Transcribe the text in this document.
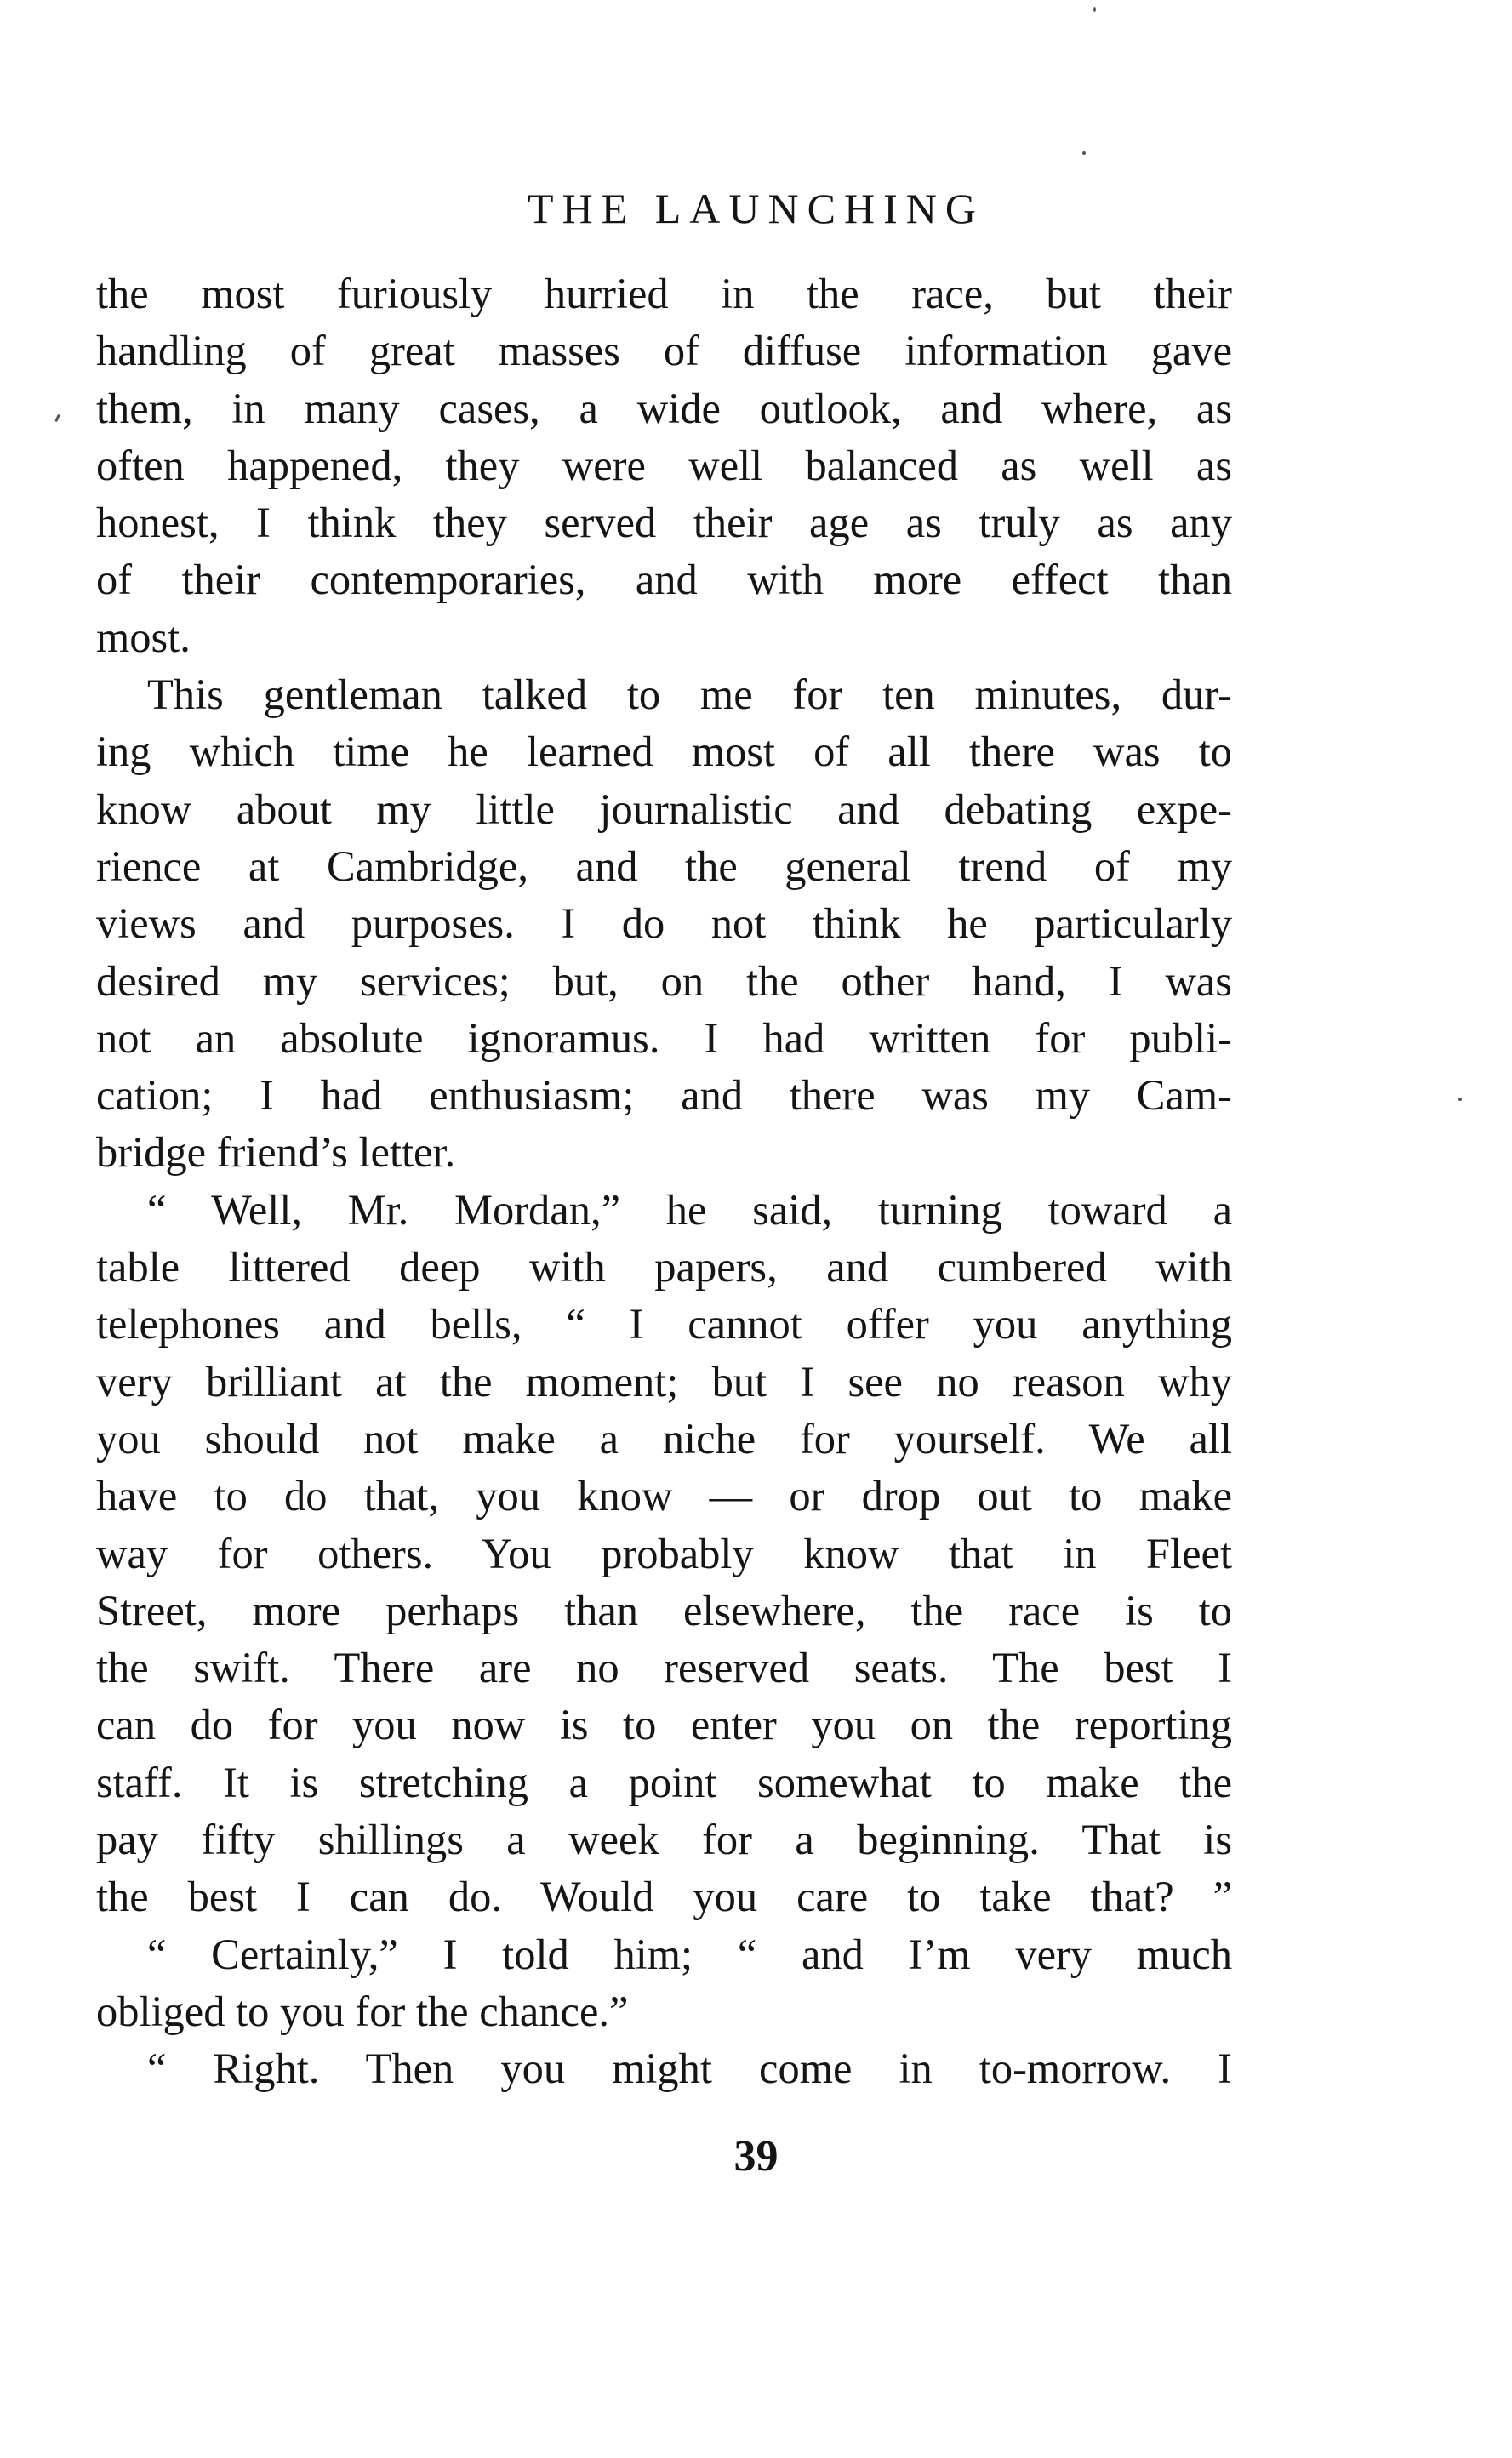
THE LAUNCHING
the most furiously hurried in the race, but their
handling of great masses of diffuse information gave
them, in many cases, a wide outlook, and where, as
often happened, they were well balanced as well as
honest, I think they served their age as truly as any
of their contemporaries, and with more effect than
most.
This gentleman talked to me for ten minutes, dur-
ing which time he learned most of all there was to
know about my little journalistic and debating expe-
rience at Cambridge, and the general trend of my
views and purposes. I do not think he particularly
desired my services; but, on the other hand, I was
not an absolute ignoramus. I had written for publi-
cation; I had enthusiasm; and there was my Cam-
bridge friend’s letter.
“ Well, Mr. Mordan,” he said, turning toward a
table littered deep with papers, and cumbered with
telephones and bells, “ I cannot offer you anything
very brilliant at the moment; but I see no reason why
you should not make a niche for yourself. We all
have to do that, you know — or drop out to make
way for others. You probably know that in Fleet
Street, more perhaps than elsewhere, the race is to
the swift. There are no reserved seats. The best I
can do for you now is to enter you on the reporting
staff. It is stretching a point somewhat to make the
pay fifty shillings a week for a beginning. That is
the best I can do. Would you care to take that? ”
“ Certainly,” I told him; “ and I’m very much
obliged to you for the chance.”
“ Right. Then you might come in to-morrow. I
39
